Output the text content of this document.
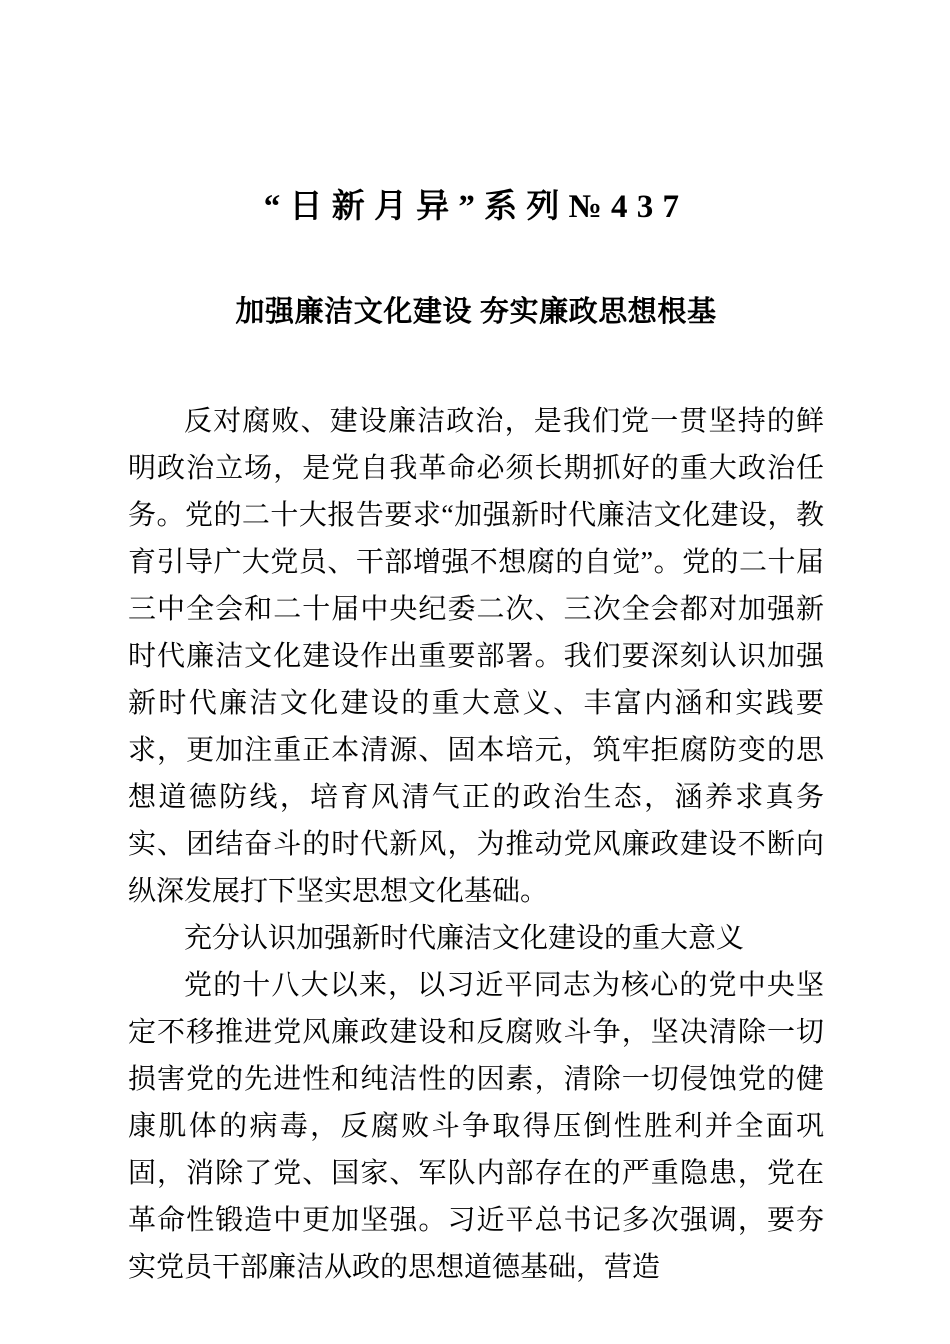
“日新月异”系列№437
加强廉洁文化建设 夯实廉政思想根基

反对腐败、建设廉洁政治，是我们党一贯坚持的鲜明政治立场，是党自我革命必须长期抓好的重大政治任务。党的二十大报告要求“加强新时代廉洁文化建设，教育引导广大党员、干部增强不想腐的自觉”。党的二十届三中全会和二十届中央纪委二次、三次全会都对加强新时代廉洁文化建设作出重要部署。我们要深刻认识加强新时代廉洁文化建设的重大意义、丰富内涵和实践要求，更加注重正本清源、固本培元，筑牢拒腐防变的思想道德防线，培育风清气正的政治生态，涵养求真务实、团结奋斗的时代新风，为推动党风廉政建设不断向纵深发展打下坚实思想文化基础。

充分认识加强新时代廉洁文化建设的重大意义

党的十八大以来，以习近平同志为核心的党中央坚定不移推进党风廉政建设和反腐败斗争，坚决清除一切损害党的先进性和纯洁性的因素，清除一切侵蚀党的健康肌体的病毒，反腐败斗争取得压倒性胜利并全面巩固，消除了党、国家、军队内部存在的严重隐患，党在革命性锻造中更加坚强。习近平总书记多次强调，要夯实党员干部廉洁从政的思想道德基础，营造
